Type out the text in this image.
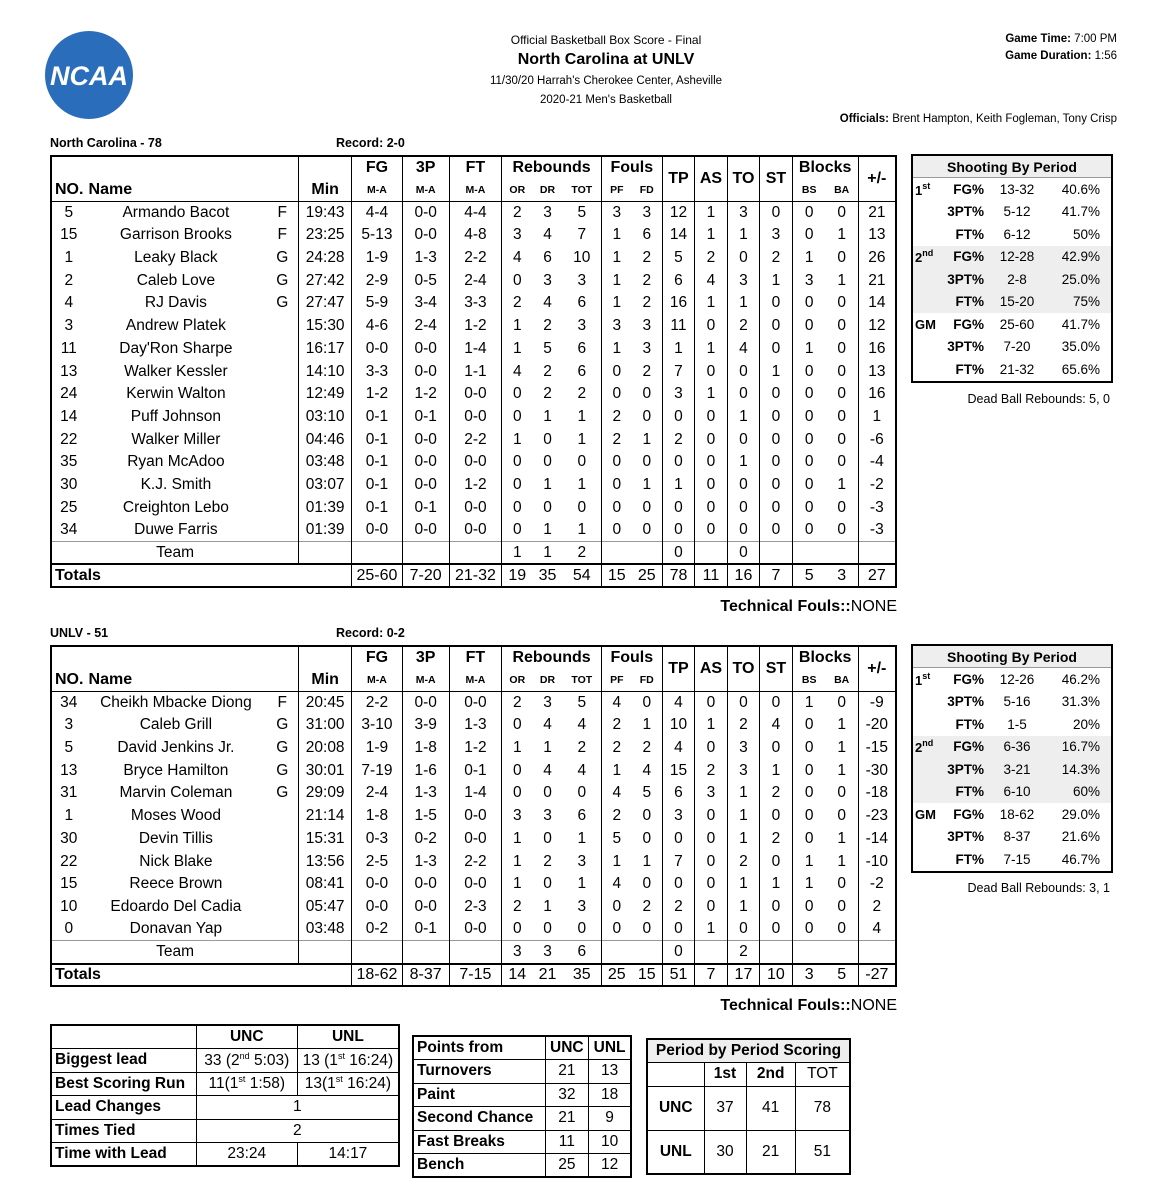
NCAA
Official Basketball Box Score - Final
North Carolina at UNLV
11/30/20 Harrah's Cherokee Center, Asheville
2020-21 Men's Basketball
Game Time: 7:00 PM
Game Duration: 1:56
Officials: Brent Hampton, Keith Fogleman, Tony Crisp
North Carolina - 78	Record: 2-0
				FG	3P	FT	Rebounds			Fouls		TP	AS	TO	ST	Blocks		+/-
NO.	Name		Min	M-A	M-A	M-A	OR	DR	TOT	PF	FD					BS	BA	
5	Armando Bacot	F	19:43	4-4	0-0	4-4	2	3	5	3	3	12	1	3	0	0	0	21
15	Garrison Brooks	F	23:25	5-13	0-0	4-8	3	4	7	1	6	14	1	1	3	0	1	13
1	Leaky Black	G	24:28	1-9	1-3	2-2	4	6	10	1	2	5	2	0	2	1	0	26
2	Caleb Love	G	27:42	2-9	0-5	2-4	0	3	3	1	2	6	4	3	1	3	1	21
4	RJ Davis	G	27:47	5-9	3-4	3-3	2	4	6	1	2	16	1	1	0	0	0	14
3	Andrew Platek		15:30	4-6	2-4	1-2	1	2	3	3	3	11	0	2	0	0	0	12
11	Day'Ron Sharpe		16:17	0-0	0-0	1-4	1	5	6	1	3	1	1	4	0	1	0	16
13	Walker Kessler		14:10	3-3	0-0	1-1	4	2	6	0	2	7	0	0	1	0	0	13
24	Kerwin Walton		12:49	1-2	1-2	0-0	0	2	2	0	0	3	1	0	0	0	0	16
14	Puff Johnson		03:10	0-1	0-1	0-0	0	1	1	2	0	0	0	1	0	0	0	1
22	Walker Miller		04:46	0-1	0-0	2-2	1	0	1	2	1	2	0	0	0	0	0	-6
35	Ryan McAdoo		03:48	0-1	0-0	0-0	0	0	0	0	0	0	0	1	0	0	0	-4
30	K.J. Smith		03:07	0-1	0-0	1-2	0	1	1	0	1	1	0	0	0	0	1	-2
25	Creighton Lebo		01:39	0-1	0-1	0-0	0	0	0	0	0	0	0	0	0	0	0	-3
34	Duwe Farris		01:39	0-0	0-0	0-0	0	1	1	0	0	0	0	0	0	0	0	-3
Team							1	1	2			0		0				
Totals				25-60	7-20	21-32	19	35	54	15	25	78	11	16	7	5	3	27
Technical Fouls::NONE
Shooting By Period
1st	FG%	13-32	40.6%
3PT%	5-12	41.7%
FT%	6-12	50%
2nd	FG%	12-28	42.9%
3PT%	2-8	25.0%
FT%	15-20	75%
GM	FG%	25-60	41.7%
3PT%	7-20	35.0%
FT%	21-32	65.6%
Dead Ball Rebounds: 5, 0
UNLV - 51	Record: 0-2
				FG	3P	FT	Rebounds			Fouls		TP	AS	TO	ST	Blocks		+/-
NO.	Name		Min	M-A	M-A	M-A	OR	DR	TOT	PF	FD					BS	BA	
34	Cheikh Mbacke Diong	F	20:45	2-2	0-0	0-0	2	3	5	4	0	4	0	0	0	1	0	-9
3	Caleb Grill	G	31:00	3-10	3-9	1-3	0	4	4	2	1	10	1	2	4	0	1	-20
5	David Jenkins Jr.	G	20:08	1-9	1-8	1-2	1	1	2	2	2	4	0	3	0	0	1	-15
13	Bryce Hamilton	G	30:01	7-19	1-6	0-1	0	4	4	1	4	15	2	3	1	0	1	-30
31	Marvin Coleman	G	29:09	2-4	1-3	1-4	0	0	0	4	5	6	3	1	2	0	0	-18
1	Moses Wood		21:14	1-8	1-5	0-0	3	3	6	2	0	3	0	1	0	0	0	-23
30	Devin Tillis		15:31	0-3	0-2	0-0	1	0	1	5	0	0	0	1	2	0	1	-14
22	Nick Blake		13:56	2-5	1-3	2-2	1	2	3	1	1	7	0	2	0	1	1	-10
15	Reece Brown		08:41	0-0	0-0	0-0	1	0	1	4	0	0	0	1	1	1	0	-2
10	Edoardo Del Cadia		05:47	0-0	0-0	2-3	2	1	3	0	2	2	0	1	0	0	0	2
0	Donavan Yap		03:48	0-2	0-1	0-0	0	0	0	0	0	0	1	0	0	0	0	4
Team							3	3	6			0		2				
Totals				18-62	8-37	7-15	14	21	35	25	15	51	7	17	10	3	5	-27
Technical Fouls::NONE
Shooting By Period
1st	FG%	12-26	46.2%
3PT%	5-16	31.3%
FT%	1-5	20%
2nd	FG%	6-36	16.7%
3PT%	3-21	14.3%
FT%	6-10	60%
GM	FG%	18-62	29.0%
3PT%	8-37	21.6%
FT%	7-15	46.7%
Dead Ball Rebounds: 3, 1
	UNC	UNL
Biggest lead	33 (2nd 5:03)	13 (1st 16:24)
Best Scoring Run	11(1st 1:58)	13(1st 16:24)
Lead Changes	1	
Times Tied	2	
Time with Lead	23:24	14:17
Points from	UNC	UNL
Turnovers	21	13
Paint	32	18
Second Chance	21	9
Fast Breaks	11	10
Bench	25	12
Period by Period Scoring			
	1st	2nd	TOT
UNC	37	41	78
UNL	30	21	51
